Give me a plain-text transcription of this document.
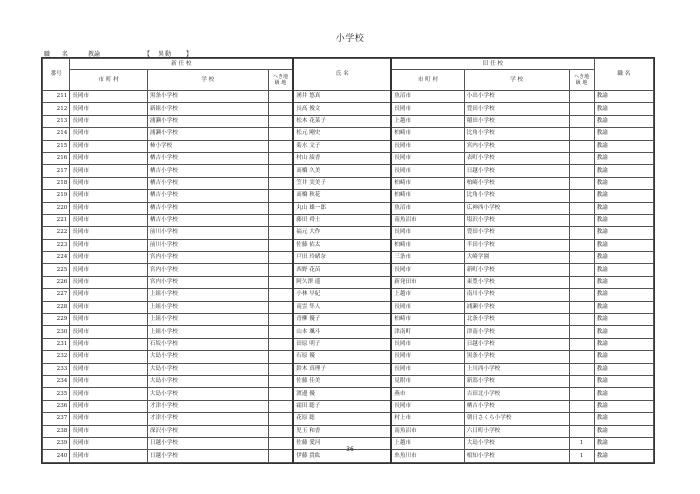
小学校
職 名	教諭	【	異動	】
番号	新 任 校			氏 名	旧 任 校			職 名
	市 町 村	学 校	へき地
級 地		市 町 村	学 校	へき地
級 地	
211	長岡市	黒条小学校		湧井 悠真	魚沼市	小出小学校		教諭
212	長岡市	新組小学校		長髙 俊文	長岡市	豊田小学校		教諭
213	長岡市	浦瀬小学校		松木 花菜子	上越市	稲田小学校		教諭
214	長岡市	浦瀬小学校		松元 剛史	柏崎市	比角小学校		教諭
215	長岡市	柿小学校		菊水 文子	長岡市	宮内小学校		教諭
216	長岡市	栖吉小学校		村山 綾香	長岡市	表町小学校		教諭
217	長岡市	栖吉小学校		髙橋 久美	長岡市	日越小学校		教諭
218	長岡市	栖吉小学校		笠井 実美子	柏崎市	柏崎小学校		教諭
219	長岡市	栖吉小学校		髙橋 秋花	柏崎市	比角小学校		教諭
220	長岡市	栖吉小学校		丸山 雄一郎	魚沼市	広神西小学校		教諭
221	長岡市	栖吉小学校		藤田 舜士	南魚沼市	塩沢小学校		教諭
222	長岡市	前川小学校		福元 大作	長岡市	豊田小学校		教諭
223	長岡市	前川小学校		佐藤 佑太	柏崎市	半田小学校		教諭
224	長岡市	宮内小学校		戸田 玲緒奈	三条市	大崎学園		教諭
225	長岡市	宮内小学校		西野 花苗	長岡市	新町小学校		教諭
226	長岡市	宮内小学校		阿久澤 遥	新発田市	東豊小学校		教諭
227	長岡市	上組小学校		小林 早紀	上越市	南川小学校		教諭
228	長岡市	上組小学校		南雲 隼人	長岡市	浦瀬小学校		教諭
229	長岡市	上組小学校		青柳 優子	柏崎市	北条小学校		教諭
230	長岡市	上組小学校		山本 颯斗	津南町	津南小学校		教諭
231	長岡市	石坂小学校		田原 明子	長岡市	日越小学校		教諭
232	長岡市	大島小学校		石原 優	長岡市	黒条小学校		教諭
233	長岡市	大島小学校		鈴木 真理子	長岡市	上川西小学校		教諭
234	長岡市	大島小学校		佐藤 佳美	見附市	新潟小学校		教諭
235	長岡市	大島小学校		渡邊 優	燕市	吉田北小学校		教諭
236	長岡市	才津小学校		霜田 聡子	長岡市	栖吉小学校		教諭
237	長岡市	才津小学校		花原 聡	村上市	朝日さくら小学校		教諭
238	長岡市	深沢小学校		児玉 和香	南魚沼市	六日町小学校		教諭
239	長岡市	日越小学校		佐藤 愛河	上越市	大島小学校	1	教諭
240	長岡市	日越小学校		伊藤 貴紘	糸魚川市	根知小学校	1	教諭
36
